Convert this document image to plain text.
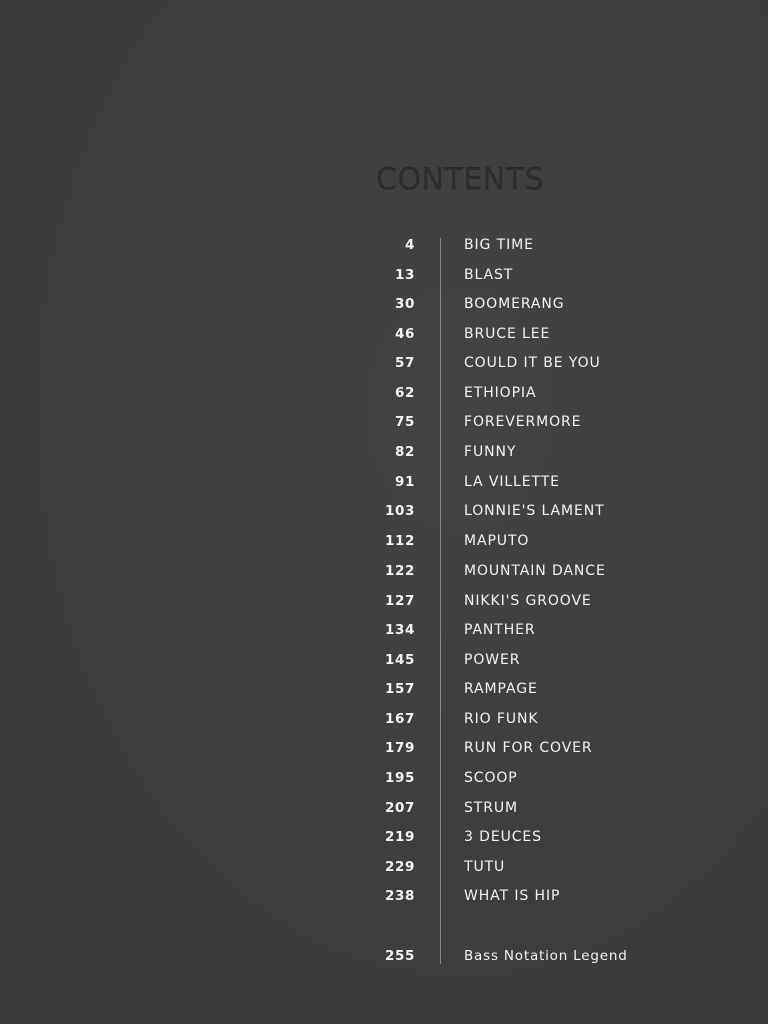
CONTENTS
4	BIG TIME
13	BLAST
30	BOOMERANG
46	BRUCE LEE
57	COULD IT BE YOU
62	ETHIOPIA
75	FOREVERMORE
82	FUNNY
91	LA VILLETTE
103	LONNIE'S LAMENT
112	MAPUTO
122	MOUNTAIN DANCE
127	NIKKI'S GROOVE
134	PANTHER
145	POWER
157	RAMPAGE
167	RIO FUNK
179	RUN FOR COVER
195	SCOOP
207	STRUM
219	3 DEUCES
229	TUTU
238	WHAT IS HIP
255	Bass Notation Legend
